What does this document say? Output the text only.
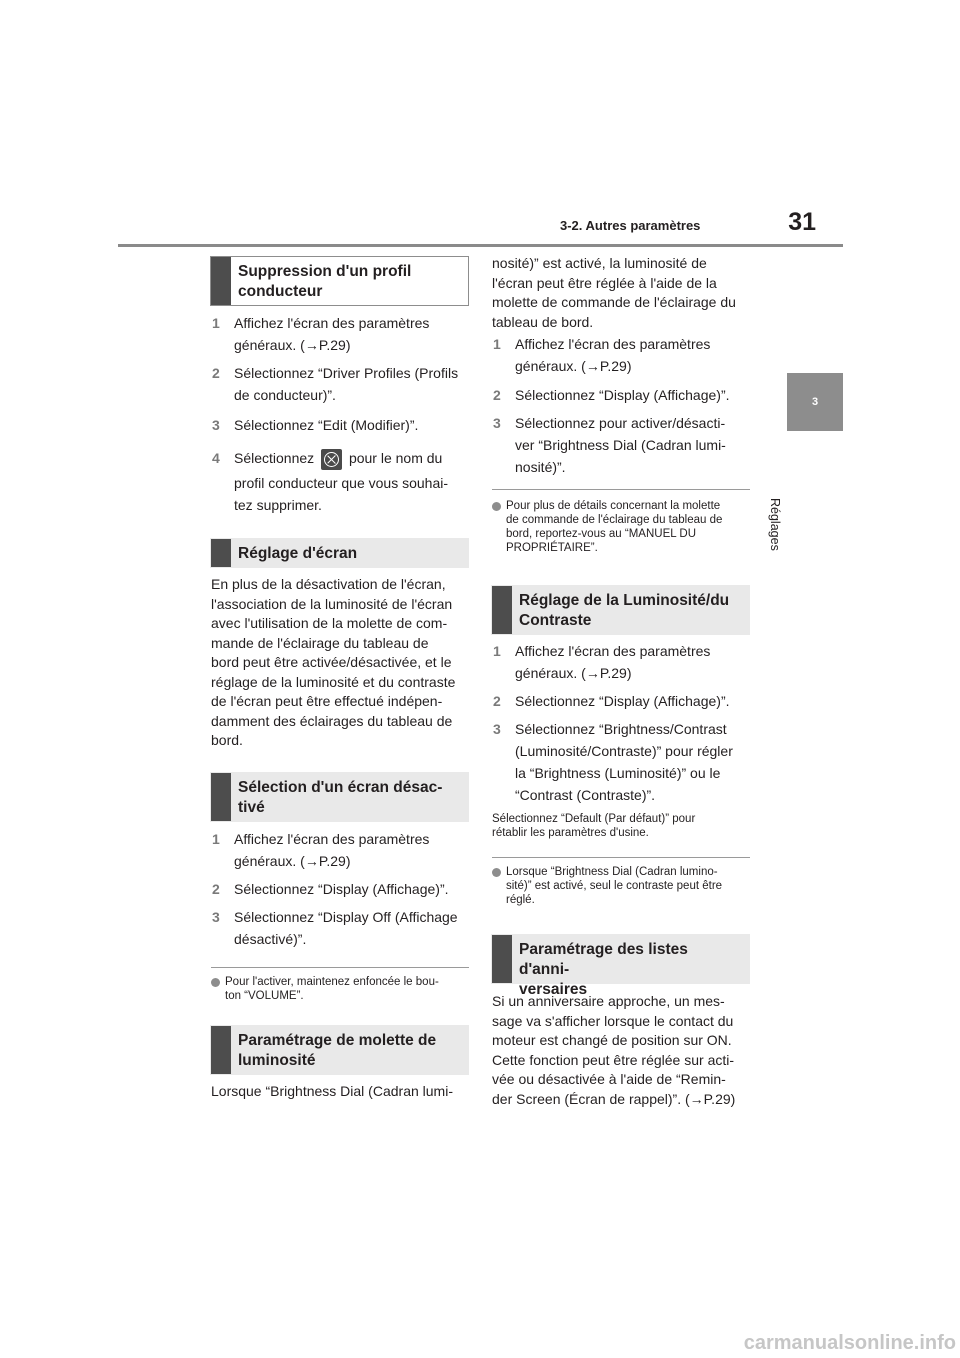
3-2. Autres paramètres	31
3
Réglages
Suppression d'un profil
conducteur
1 Affichez l'écran des paramètres
généraux. (→P.29)
2 Sélectionnez “Driver Profiles (Profils
de conducteur)”.
3 Sélectionnez “Edit (Modifier)”.
4 Sélectionnez pour le nom du
profil conducteur que vous souhai-
tez supprimer.
Réglage d'écran
En plus de la désactivation de l'écran,
l'association de la luminosité de l'écran
avec l'utilisation de la molette de com-
mande de l'éclairage du tableau de
bord peut être activée/désactivée, et le
réglage de la luminosité et du contraste
de l'écran peut être effectué indépen-
damment des éclairages du tableau de
bord.
Sélection d'un écran désac-
tivé
1 Affichez l'écran des paramètres
généraux. (→P.29)
2 Sélectionnez “Display (Affichage)”.
3 Sélectionnez “Display Off (Affichage
désactivé)”.
Pour l'activer, maintenez enfoncée le bou-
ton “VOLUME”.
Paramétrage de molette de
luminosité
Lorsque “Brightness Dial (Cadran lumi-
nosité)” est activé, la luminosité de
l'écran peut être réglée à l'aide de la
molette de commande de l'éclairage du
tableau de bord.
1 Affichez l'écran des paramètres
généraux. (→P.29)
2 Sélectionnez “Display (Affichage)”.
3 Sélectionnez pour activer/désacti-
ver “Brightness Dial (Cadran lumi-
nosité)”.
Pour plus de détails concernant la molette
de commande de l'éclairage du tableau de
bord, reportez-vous au “MANUEL DU
PROPRIÉTAIRE”.
Réglage de la Luminosité/du
Contraste
1 Affichez l'écran des paramètres
généraux. (→P.29)
2 Sélectionnez “Display (Affichage)”.
3 Sélectionnez “Brightness/Contrast
(Luminosité/Contraste)” pour régler
la “Brightness (Luminosité)” ou le
“Contrast (Contraste)”.
Sélectionnez “Default (Par défaut)” pour
rétablir les paramètres d'usine.
Lorsque “Brightness Dial (Cadran lumino-
sité)” est activé, seul le contraste peut être
réglé.
Paramétrage des listes d'anni-
versaires
Si un anniversaire approche, un mes-
sage va s'afficher lorsque le contact du
moteur est changé de position sur ON.
Cette fonction peut être réglée sur acti-
vée ou désactivée à l'aide de “Remin-
der Screen (Écran de rappel)”. (→P.29)
carmanualsonline.info
